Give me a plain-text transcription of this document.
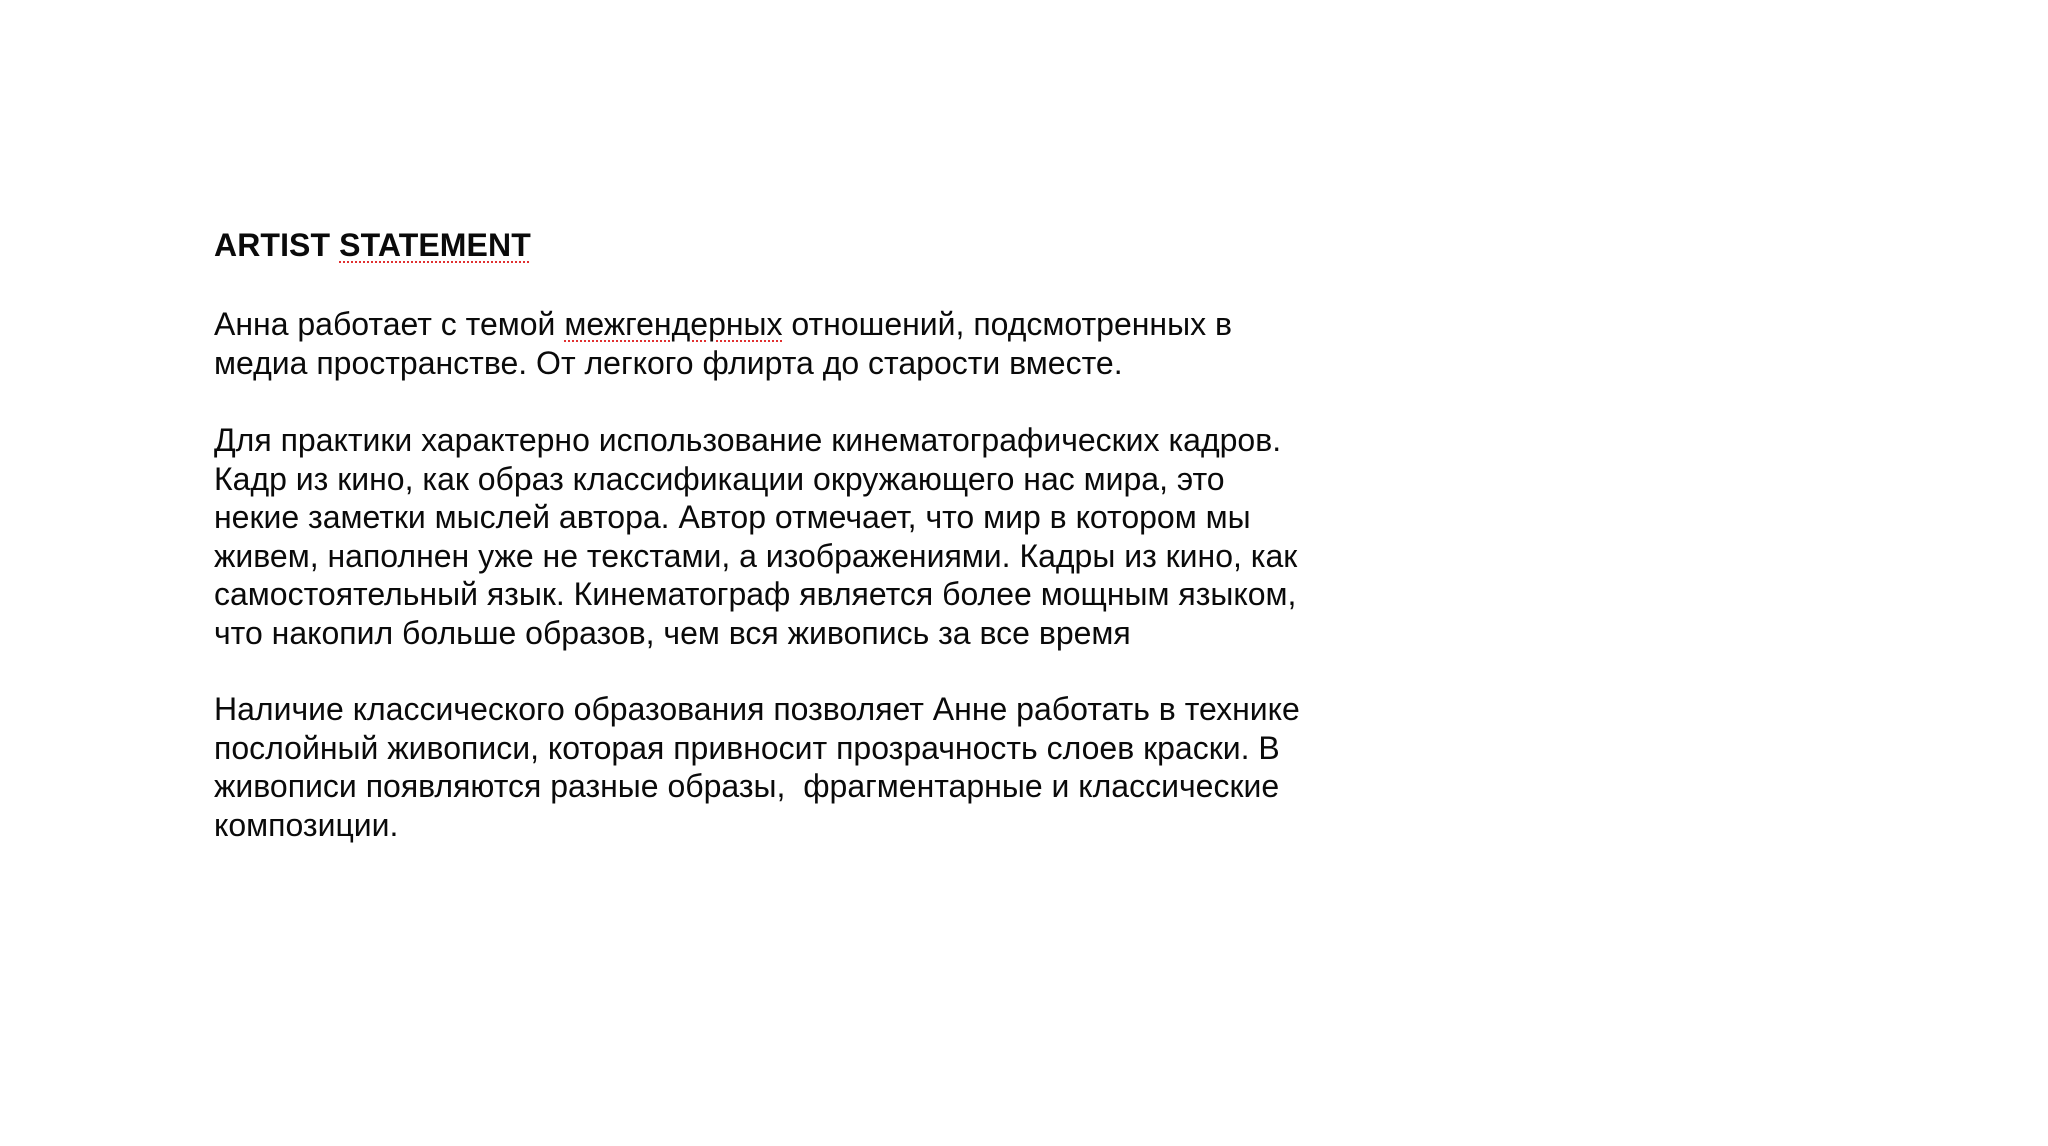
ARTIST STATEMENT

Анна работает с темой межгендерных отношений, подсмотренных в
медиа пространстве. От легкого флирта до старости вместе.

Для практики характерно использование кинематографических кадров.
Кадр из кино, как образ классификации окружающего нас мира, это
некие заметки мыслей автора. Автор отмечает, что мир в котором мы
живем, наполнен уже не текстами, а изображениями. Кадры из кино, как
самостоятельный язык. Кинематограф является более мощным языком,
что накопил больше образов, чем вся живопись за все время

Наличие классического образования позволяет Анне работать в технике
послойный живописи, которая привносит прозрачность слоев краски. В
живописи появляются разные образы,  фрагментарные и классические
композиции.
